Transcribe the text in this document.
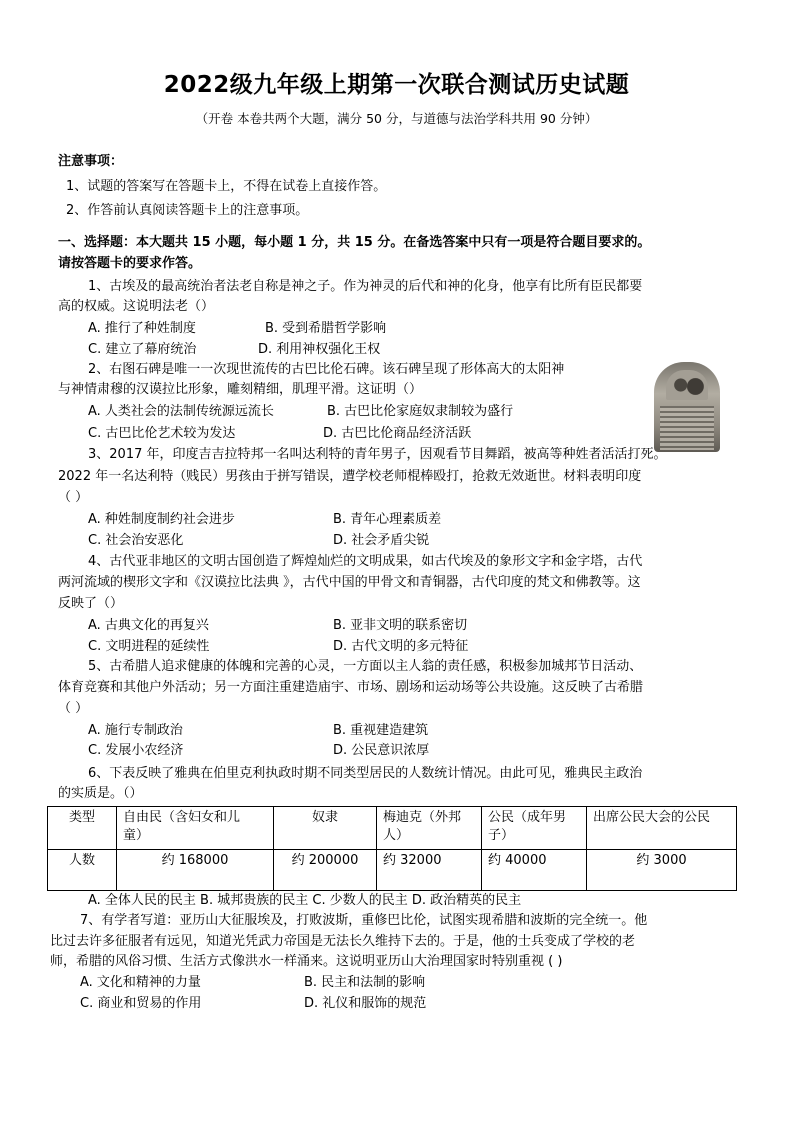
2022级九年级上期第一次联合测试历史试题
（开卷 本卷共两个大题，满分 50 分，与道德与法治学科共用 90 分钟）
注意事项：
1、试题的答案写在答题卡上，不得在试卷上直接作答。
2、作答前认真阅读答题卡上的注意事项。
一、选择题：本大题共 15 小题，每小题 1 分，共 15 分。在备选答案中只有一项是符合题目要求的。
请按答题卡的要求作答。
1、古埃及的最高统治者法老自称是神之子。作为神灵的后代和神的化身，他享有比所有臣民都要
高的权威。这说明法老（）
A. 推行了种姓制度	B. 受到希腊哲学影响
C. 建立了幕府统治	D. 利用神权强化王权
2、右图石碑是唯一一次现世流传的古巴比伦石碑。该石碑呈现了形体高大的太阳神
与神情肃穆的汉谟拉比形象，雕刻精细，肌理平滑。这证明（）
A. 人类社会的法制传统源远流长	B. 古巴比伦家庭奴隶制较为盛行
C. 古巴比伦艺术较为发达	D. 古巴比伦商品经济活跃
3、2017 年，印度吉吉拉特邦一名叫达利特的青年男子，因观看节目舞蹈，被高等种姓者活活打死。
2022 年一名达利特（贱民）男孩由于拼写错误，遭学校老师棍棒殴打，抢救无效逝世。材料表明印度
（ ）
A. 种姓制度制约社会进步	B. 青年心理素质差
C. 社会治安恶化	D. 社会矛盾尖锐
4、古代亚非地区的文明古国创造了辉煌灿烂的文明成果，如古代埃及的象形文字和金字塔，古代
两河流域的楔形文字和《汉谟拉比法典 》，古代中国的甲骨文和青铜器，古代印度的梵文和佛教等。这
反映了（）
A. 古典文化的再复兴	B. 亚非文明的联系密切
C. 文明进程的延续性	D. 古代文明的多元特征
5、古希腊人追求健康的体魄和完善的心灵，一方面以主人翁的责任感，积极参加城邦节日活动、
体育竞赛和其他户外活动；另一方面注重建造庙宇、市场、剧场和运动场等公共设施。这反映了古希腊
（ ）
A. 施行专制政治	B. 重视建造建筑
C. 发展小农经济	D. 公民意识浓厚
6、下表反映了雅典在伯里克利执政时期不同类型居民的人数统计情况。由此可见，雅典民主政治
的实质是。（）
类型	自由民（含妇女和儿
童）	奴隶	梅迪克（外邦
人）	公民（成年男
子）	出席公民大会的公民
人数	约 168000	约 200000	约 32000	约 40000	约 3000
A. 全体人民的民主 B. 城邦贵族的民主 C. 少数人的民主 D. 政治精英的民主
7、有学者写道：亚历山大征服埃及，打败波斯，重修巴比伦，试图实现希腊和波斯的完全统一。他
比过去许多征服者有远见，知道光凭武力帝国是无法长久维持下去的。于是，他的士兵变成了学校的老
师，希腊的风俗习惯、生活方式像洪水一样涌来。这说明亚历山大治理国家时特别重视 ( )
A. 文化和精神的力量	B. 民主和法制的影响
C. 商业和贸易的作用	D. 礼仪和服饰的规范
